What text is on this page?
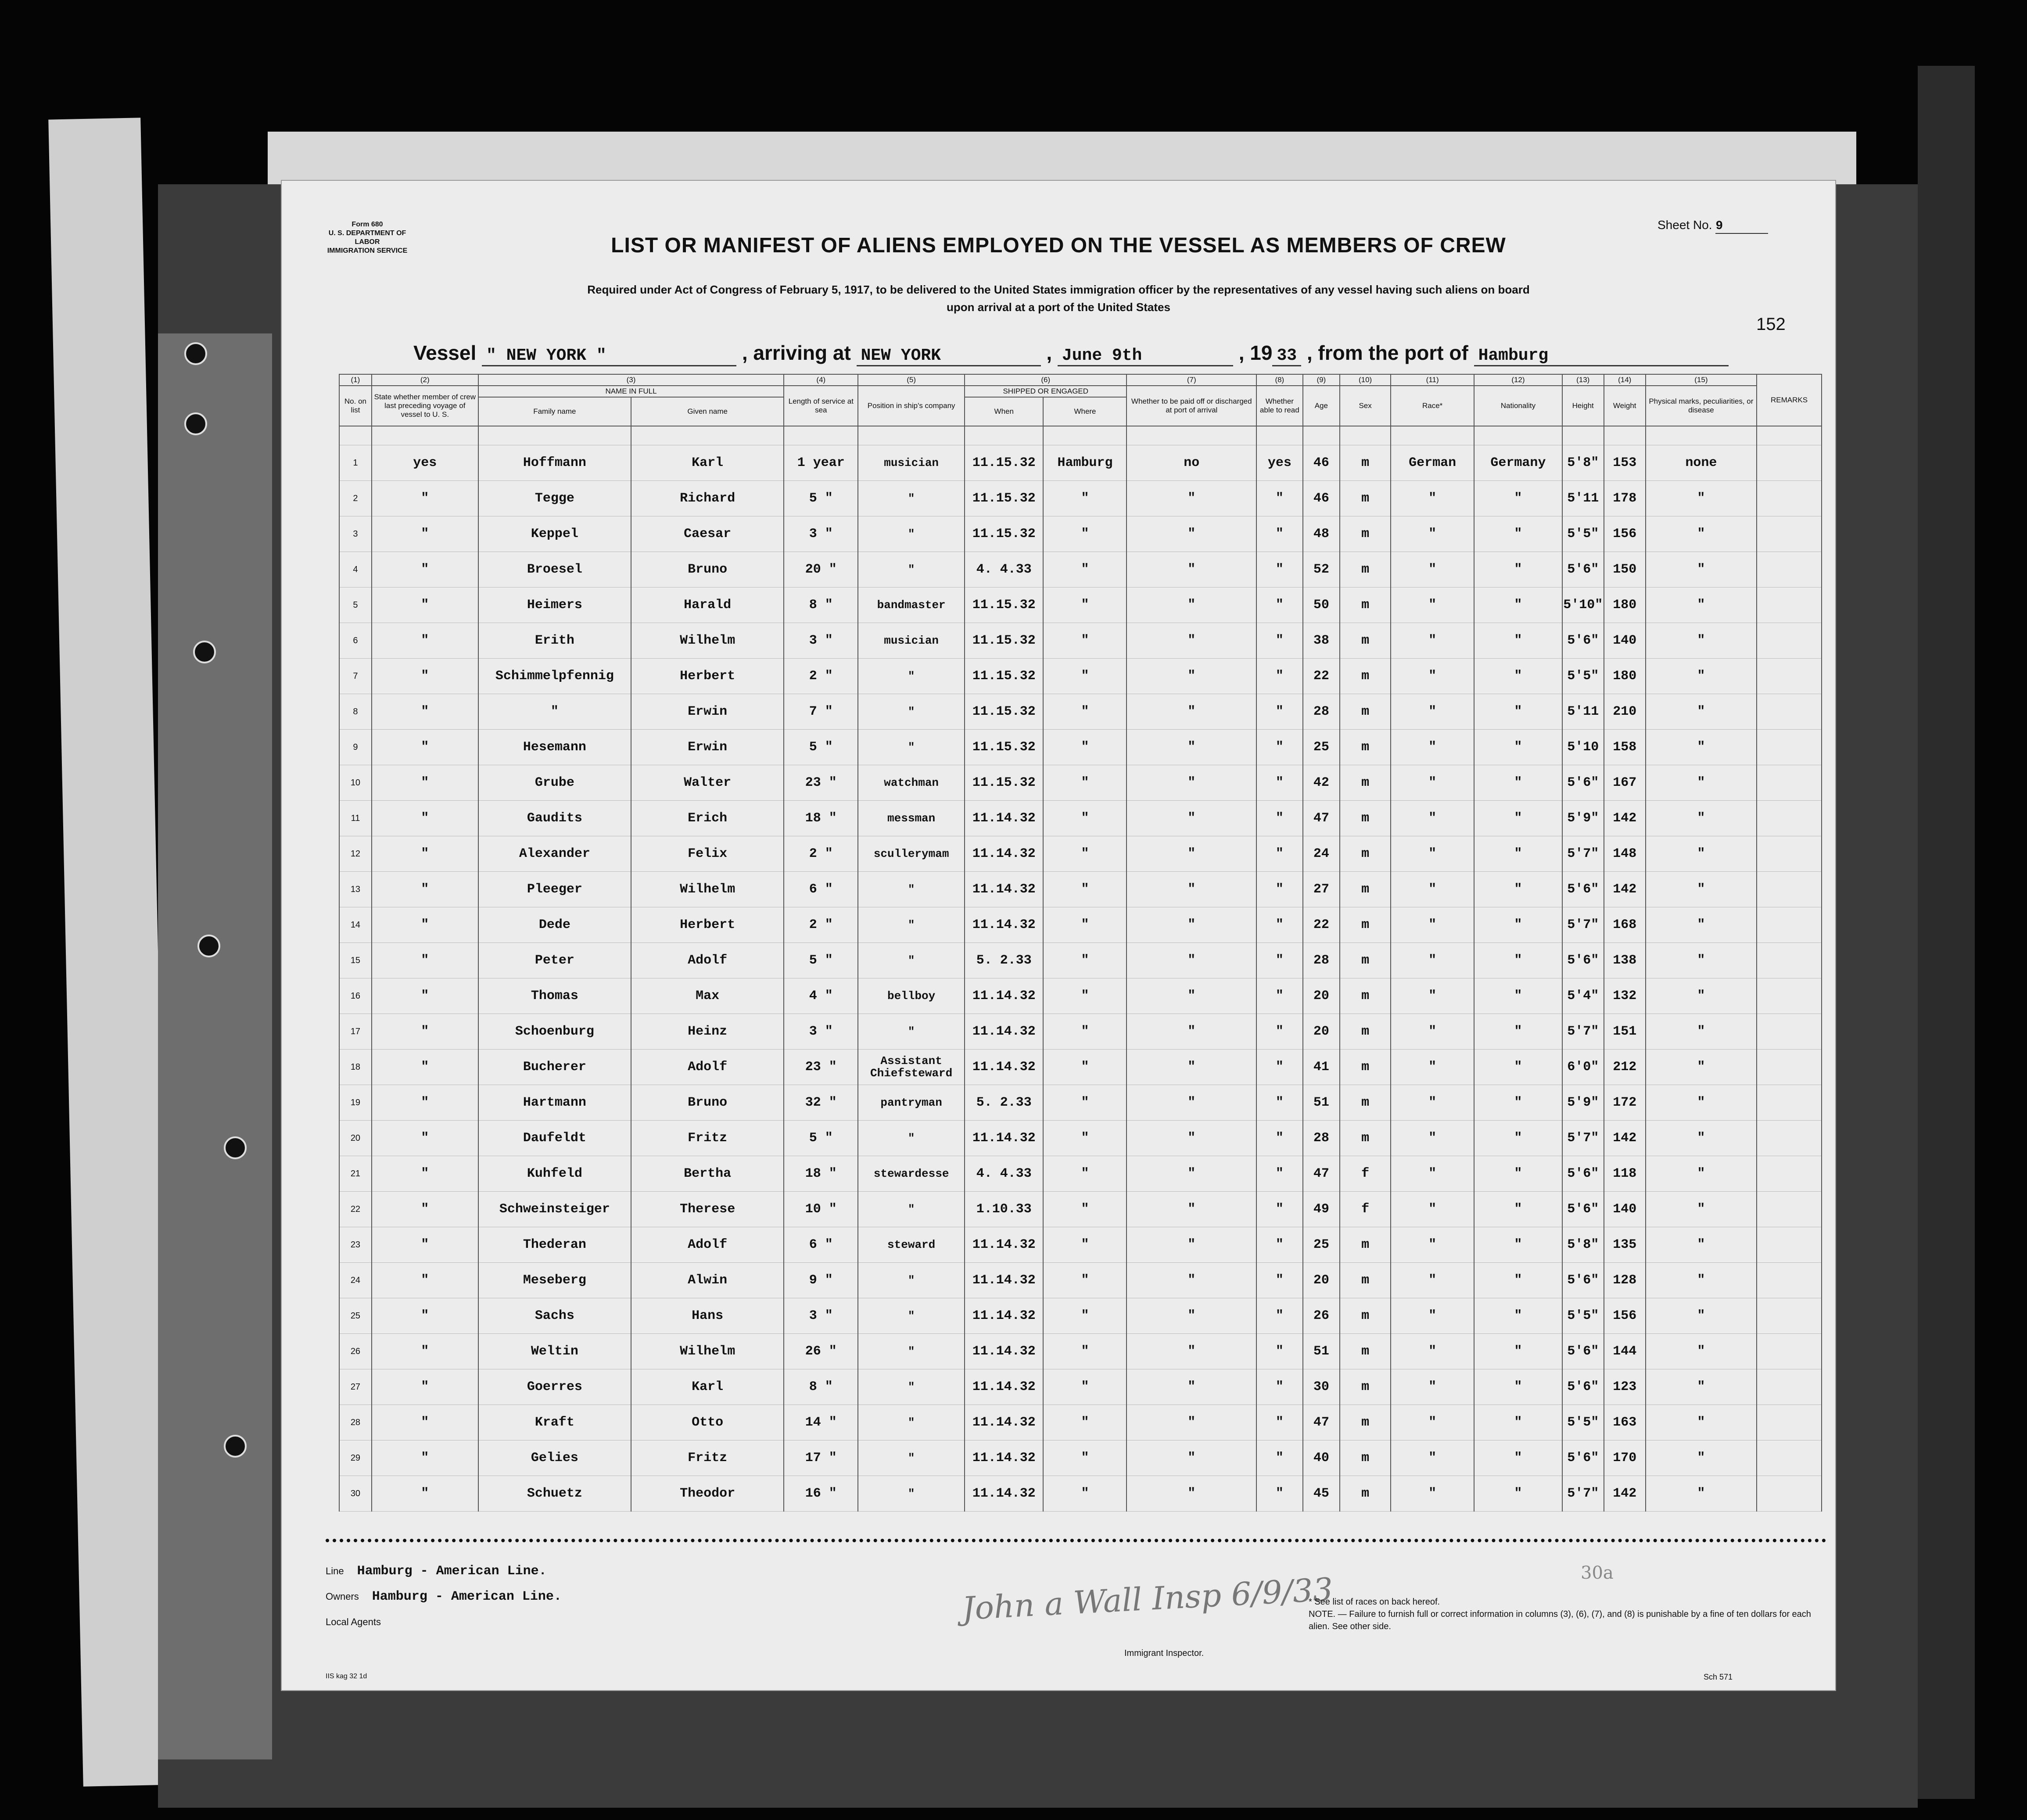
Form 680
U. S. DEPARTMENT OF LABOR
IMMIGRATION SERVICE
Sheet No. 9
LIST OR MANIFEST OF ALIENS EMPLOYED ON THE VESSEL AS MEMBERS OF CREW
Required under Act of Congress of February 5, 1917, to be delivered to the United States immigration officer by the representatives of any vessel having such aliens on board
upon arrival at a port of the United States
152
Vessel " NEW YORK "	, arriving at NEW YORK	, June 9th	, 19 33 , from the port of Hamburg
(1)	(2)	(3)		(4)	(5)	(6)		(7)	(8)	(9)	(10)	(11)	(12)	(13)	(14)	(15)	REMARKS
No. on list	State whether member of crew last preceding voyage of vessel to U. S.	NAME IN FULL		Length of service at sea	Position in ship's company	SHIPPED OR ENGAGED		Whether to be paid off or discharged at port of arrival	Whether able to read	Age	Sex	Race*	Nationality	Height	Weight	Physical marks, peculiarities, or disease	
		Family name	Given name			When	Where										

1	yes	Hoffmann	Karl	1 year	musician	11.15.32	Hamburg	no	yes	46	m	German	Germany	5'8"	153	none	
2	"	Tegge	Richard	5 "	"	11.15.32	"	"	"	46	m	"	"	5'11	178	"	
3	"	Keppel	Caesar	3 "	"	11.15.32	"	"	"	48	m	"	"	5'5"	156	"	
4	"	Broesel	Bruno	20 "	"	4. 4.33	"	"	"	52	m	"	"	5'6"	150	"	
5	"	Heimers	Harald	8 "	bandmaster	11.15.32	"	"	"	50	m	"	"	5'10"	180	"	
6	"	Erith	Wilhelm	3 "	musician	11.15.32	"	"	"	38	m	"	"	5'6"	140	"	
7	"	Schimmelpfennig	Herbert	2 "	"	11.15.32	"	"	"	22	m	"	"	5'5"	180	"	
8	"	"	Erwin	7 "	"	11.15.32	"	"	"	28	m	"	"	5'11	210	"	
9	"	Hesemann	Erwin	5 "	"	11.15.32	"	"	"	25	m	"	"	5'10	158	"	
10	"	Grube	Walter	23 "	watchman	11.15.32	"	"	"	42	m	"	"	5'6"	167	"	
11	"	Gaudits	Erich	18 "	messman	11.14.32	"	"	"	47	m	"	"	5'9"	142	"	
12	"	Alexander	Felix	2 "	scullerymam	11.14.32	"	"	"	24	m	"	"	5'7"	148	"	
13	"	Pleeger	Wilhelm	6 "	"	11.14.32	"	"	"	27	m	"	"	5'6"	142	"	
14	"	Dede	Herbert	2 "	"	11.14.32	"	"	"	22	m	"	"	5'7"	168	"	
15	"	Peter	Adolf	5 "	"	5. 2.33	"	"	"	28	m	"	"	5'6"	138	"	
16	"	Thomas	Max	4 "	bellboy	11.14.32	"	"	"	20	m	"	"	5'4"	132	"	
17	"	Schoenburg	Heinz	3 "	"	11.14.32	"	"	"	20	m	"	"	5'7"	151	"	
18	"	Bucherer	Adolf	23 "	Assistant Chiefsteward	11.14.32	"	"	"	41	m	"	"	6'0"	212	"	
19	"	Hartmann	Bruno	32 "	pantryman	5. 2.33	"	"	"	51	m	"	"	5'9"	172	"	
20	"	Daufeldt	Fritz	5 "	"	11.14.32	"	"	"	28	m	"	"	5'7"	142	"	
21	"	Kuhfeld	Bertha	18 "	stewardesse	4. 4.33	"	"	"	47	f	"	"	5'6"	118	"	
22	"	Schweinsteiger	Therese	10 "	"	1.10.33	"	"	"	49	f	"	"	5'6"	140	"	
23	"	Thederan	Adolf	6 "	steward	11.14.32	"	"	"	25	m	"	"	5'8"	135	"	
24	"	Meseberg	Alwin	9 "	"	11.14.32	"	"	"	20	m	"	"	5'6"	128	"	
25	"	Sachs	Hans	3 "	"	11.14.32	"	"	"	26	m	"	"	5'5"	156	"	
26	"	Weltin	Wilhelm	26 "	"	11.14.32	"	"	"	51	m	"	"	5'6"	144	"	
27	"	Goerres	Karl	8 "	"	11.14.32	"	"	"	30	m	"	"	5'6"	123	"	
28	"	Kraft	Otto	14 "	"	11.14.32	"	"	"	47	m	"	"	5'5"	163	"	
29	"	Gelies	Fritz	17 "	"	11.14.32	"	"	"	40	m	"	"	5'6"	170	"	
30	"	Schuetz	Theodor	16 "	"	11.14.32	"	"	"	45	m	"	"	5'7"	142	"	
Line Hamburg - American Line.
Owners Hamburg - American Line.
Local Agents	John a Wall Insp 6/9/33
Immigrant Inspector.
30a
* See list of races on back hereof.
NOTE. — Failure to furnish full or correct information in columns (3), (6), (7), and (8) is punishable by a fine of ten dollars for each alien. See other side.
Sch 571
IIS kag 32 1d
